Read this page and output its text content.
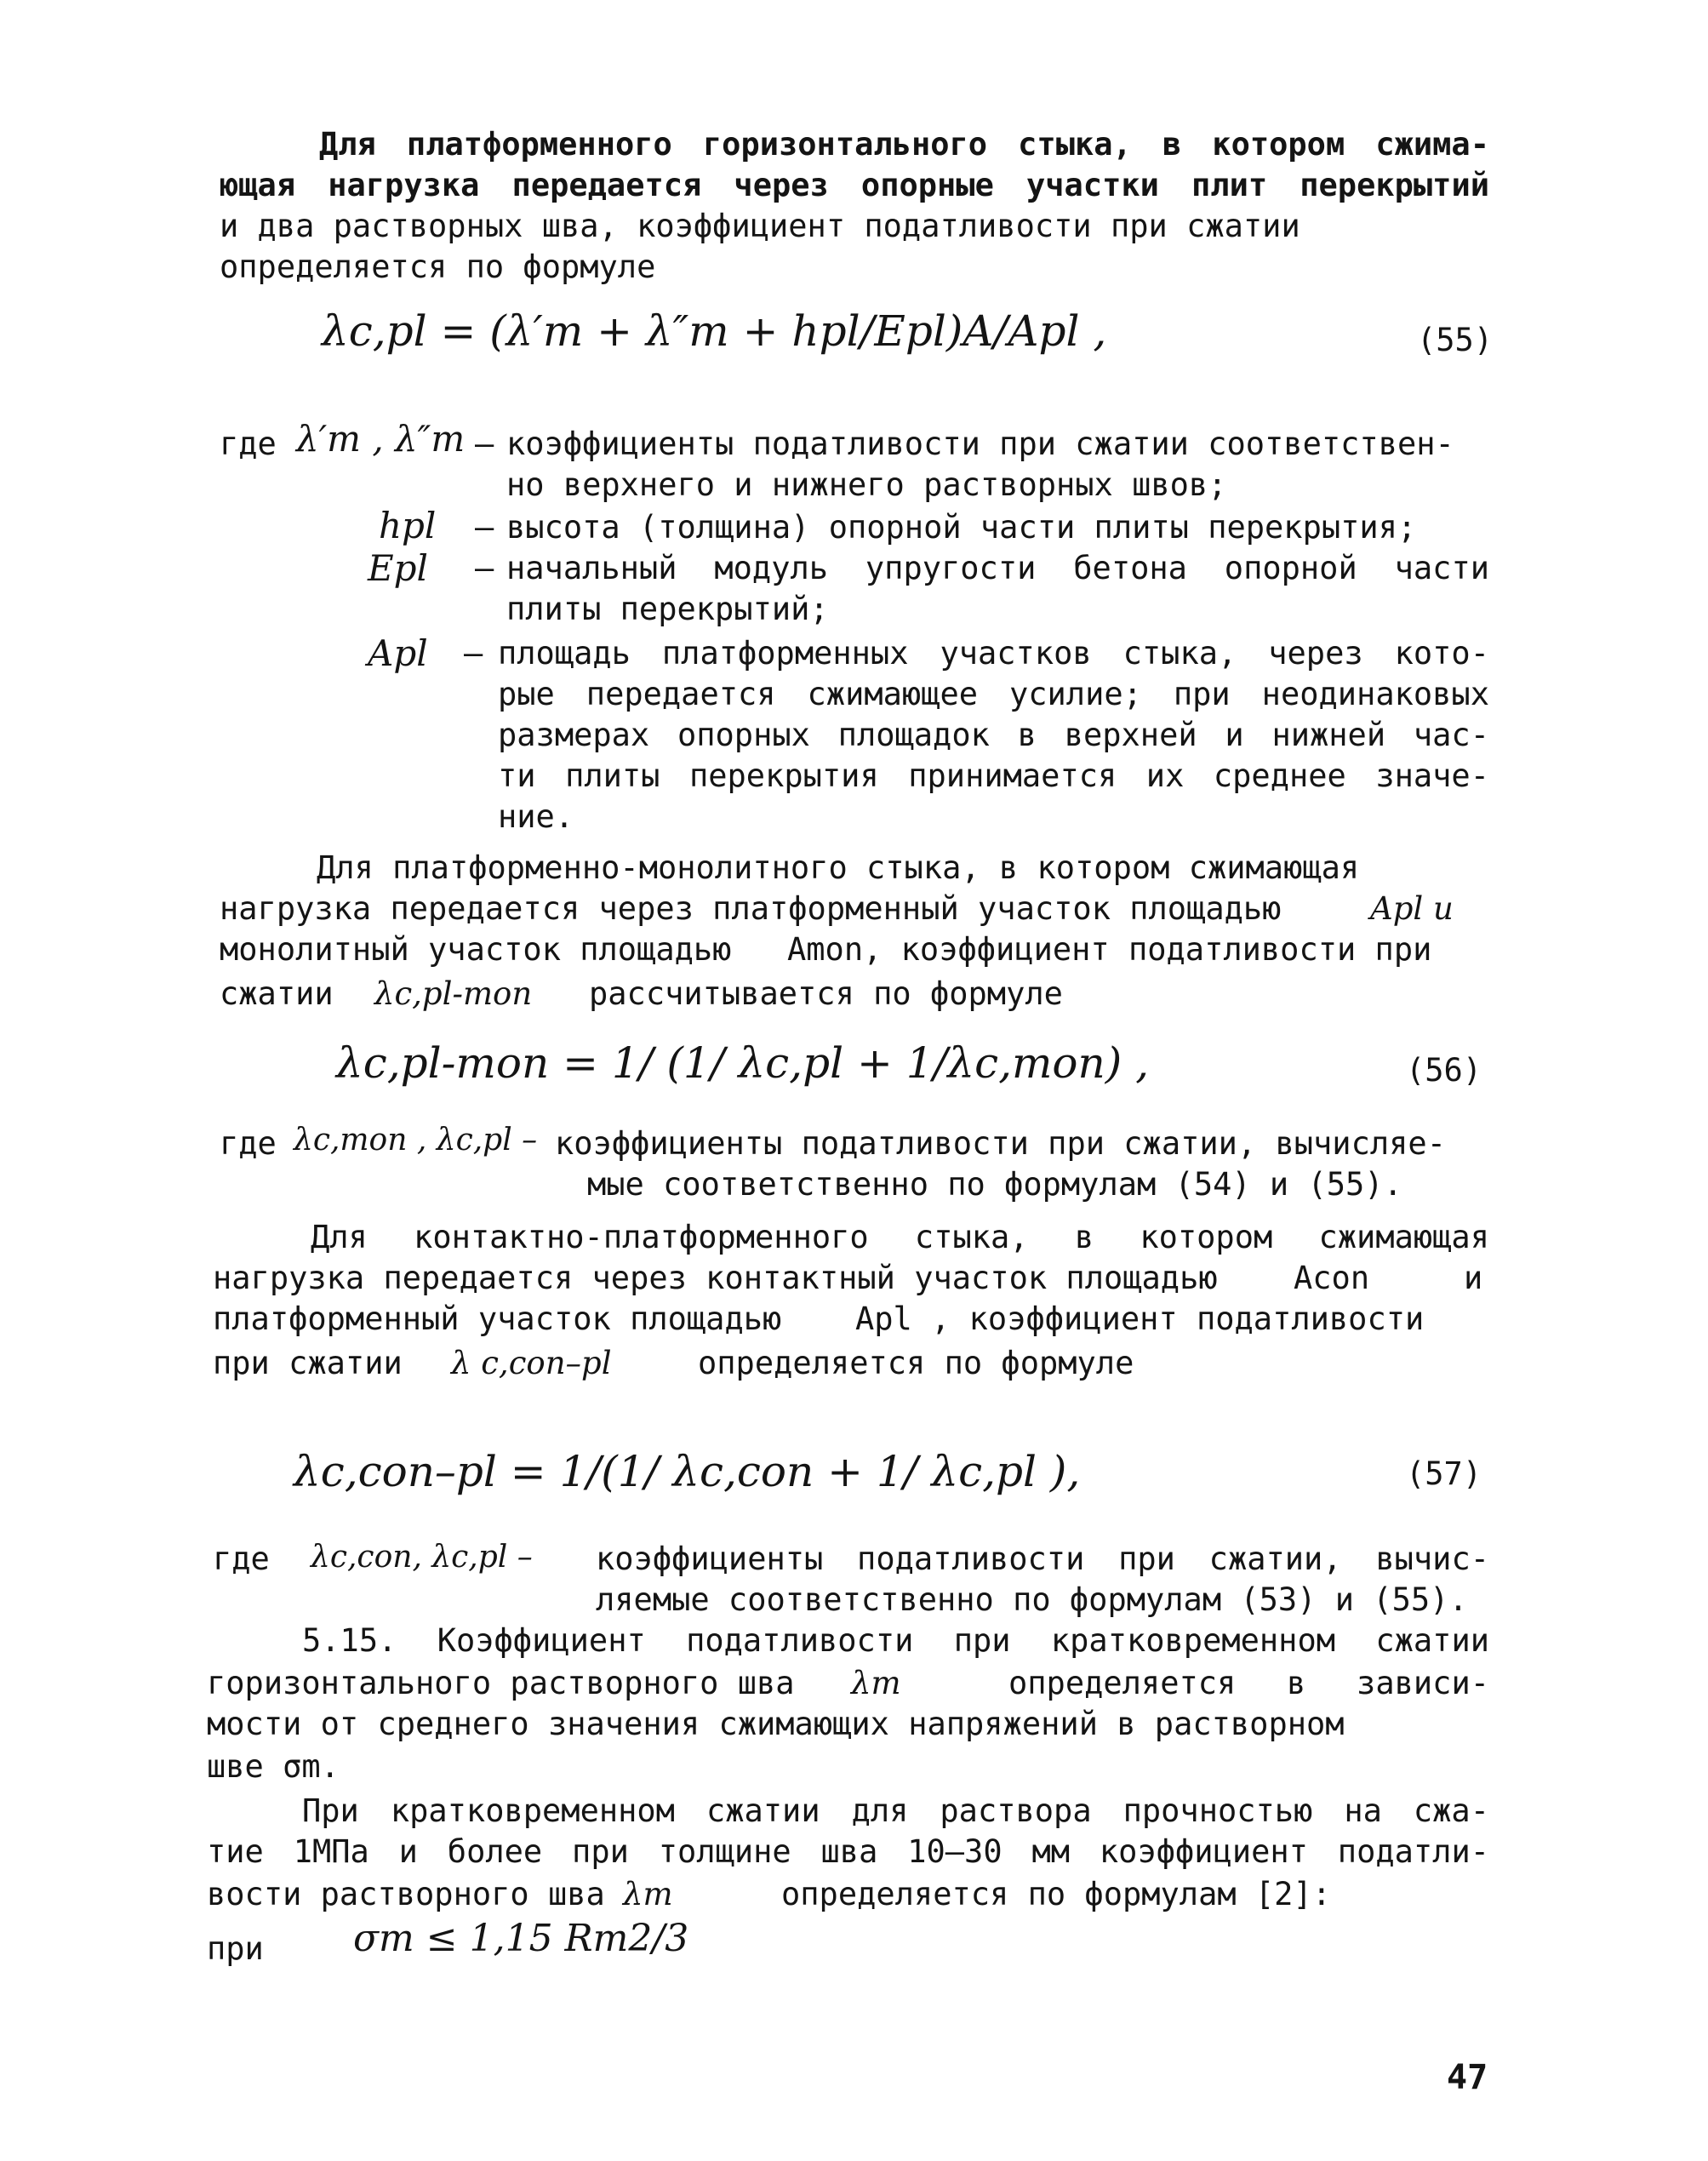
Для платформенного горизонтального стыка, в котором сжима-
ющая нагрузка передается через опорные участки плит перекрытий
и два растворных шва, коэффициент податливости при сжатии
определяется по формуле
λc,pl = (λ′m + λ″m + hpl/Epl)A/Apl ,	(55)
где λ′m , λ″m – коэффициенты податливости при сжатии соответствен-
но верхнего и нижнего растворных швов;
hpl – высота (толщина) опорной части плиты перекрытия;
Epl – начальный модуль упругости бетона опорной части
плиты перекрытий;
Apl – площадь платформенных участков стыка, через кото-
рые передается сжимающее усилие; при неодинаковых
размерах опорных площадок в верхней и нижней час-
ти плиты перекрытия принимается их среднее значе-
ние.
Для платформенно-монолитного стыка, в котором сжимающая
нагрузка передается через платформенный участок площадью	Apl и
монолитный участок площадью Amon, коэффициент податливости при
сжатии λc,pl-mon рассчитывается по формуле
λc,pl-mon = 1/ (1/ λc,pl + 1/λc,mon) ,	(56)
где λc,mon , λc,pl – коэффициенты податливости при сжатии, вычисляе-
мые соответственно по формулам (54) и (55).
Для контактно-платформенного стыка, в котором сжимающая
нагрузка передается через контактный участок площадью Acon	и
платформенный участок площадью Apl , коэффициент податливости
при сжатии λ c,con–pl	определяется по формуле
λc,con–pl = 1/(1/ λc,con + 1/ λc,pl ),	(57)
где λc,con, λc,pl – коэффициенты податливости при сжатии, вычис-
ляемые соответственно по формулам (53) и (55).
5.15. Коэффициент податливости при кратковременном сжатии
горизонтального растворного шва λm	определяется в зависи-
мости от среднего значения сжимающих напряжений в растворном
шве σm.
При кратковременном сжатии для раствора прочностью на сжа-
тие 1МПа и более при толщине шва 10–30 мм коэффициент податли-
вости растворного шва λm	определяется по формулам [2]:
при σm ≤ 1,15 Rm2/3
47
